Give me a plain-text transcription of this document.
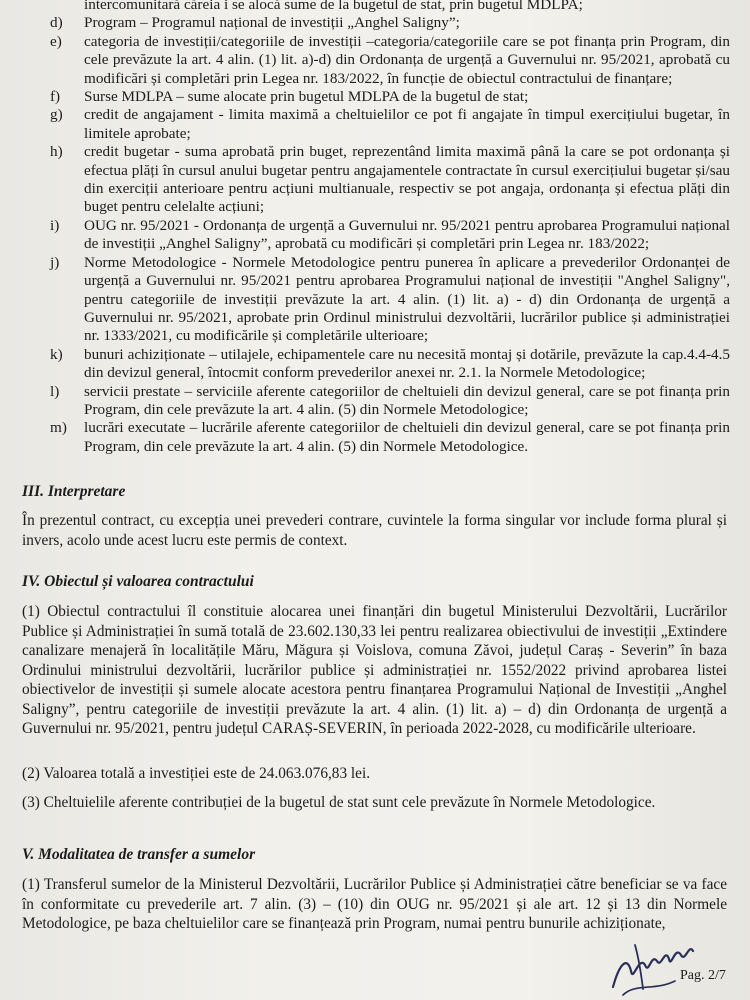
intercomunitară căreia i se alocă sume de la bugetul de stat, prin bugetul MDLPA;
d)	Program – Programul național de investiții „Anghel Saligny”;
e)	categoria de investiții/categoriile de investiții –categoria/categoriile care se pot finanța prin Program, din cele prevăzute la art. 4 alin. (1) lit. a)-d) din Ordonanța de urgență a Guvernului nr. 95/2021, aprobată cu modificări și completări prin Legea nr. 183/2022, în funcție de obiectul contractului de finanțare;
f)	Surse MDLPA – sume alocate prin bugetul MDLPA de la bugetul de stat;
g)	credit de angajament - limita maximă a cheltuielilor ce pot fi angajate în timpul exercițiului bugetar, în limitele aprobate;
h)	credit bugetar - suma aprobată prin buget, reprezentând limita maximă până la care se pot ordonanța și efectua plăți în cursul anului bugetar pentru angajamentele contractate în cursul exercițiului bugetar și/sau din exerciții anterioare pentru acțiuni multianuale, respectiv se pot angaja, ordonanța și efectua plăți din buget pentru celelalte acțiuni;
i)	OUG nr. 95/2021 - Ordonanța de urgență a Guvernului nr. 95/2021 pentru aprobarea Programului național de investiții „Anghel Saligny”, aprobată cu modificări și completări prin Legea nr. 183/2022;
j)	Norme Metodologice - Normele Metodologice pentru punerea în aplicare a prevederilor Ordonanței de urgență a Guvernului nr. 95/2021 pentru aprobarea Programului național de investiții "Anghel Saligny", pentru categoriile de investiții prevăzute la art. 4 alin. (1) lit. a) - d) din Ordonanța de urgență a Guvernului nr. 95/2021, aprobate prin Ordinul ministrului dezvoltării, lucrărilor publice și administrației nr. 1333/2021, cu modificările și completările ulterioare;
k)	bunuri achiziționate – utilajele, echipamentele care nu necesită montaj și dotările, prevăzute la cap.4.4-4.5 din devizul general, întocmit conform prevederilor anexei nr. 2.1. la Normele Metodologice;
l)	servicii prestate – serviciile aferente categoriilor de cheltuieli din devizul general, care se pot finanța prin Program, din cele prevăzute la art. 4 alin. (5) din Normele Metodologice;
m)	lucrări executate – lucrările aferente categoriilor de cheltuieli din devizul general, care se pot finanța prin Program, din cele prevăzute la art. 4 alin. (5) din Normele Metodologice.
III. Interpretare
În prezentul contract, cu excepția unei prevederi contrare, cuvintele la forma singular vor include forma plural și invers, acolo unde acest lucru este permis de context.
IV. Obiectul și valoarea contractului
(1) Obiectul contractului îl constituie alocarea unei finanțări din bugetul Ministerului Dezvoltării, Lucrărilor Publice și Administrației în sumă totală de 23.602.130,33 lei pentru realizarea obiectivului de investiții „Extindere canalizare menajeră în localitățile Măru, Măgura și Voislova, comuna Zăvoi, județul Caraș - Severin” în baza Ordinului ministrului dezvoltării, lucrărilor publice și administrației nr. 1552/2022 privind aprobarea listei obiectivelor de investiții și sumele alocate acestora pentru finanțarea Programului Național de Investiții „Anghel Saligny”, pentru categoriile de investiții prevăzute la art. 4 alin. (1) lit. a) – d) din Ordonanța de urgență a Guvernului nr. 95/2021, pentru județul CARAȘ-SEVERIN, în perioada 2022-2028, cu modificările ulterioare.
(2) Valoarea totală a investiției este de 24.063.076,83 lei.
(3) Cheltuielile aferente contribuției de la bugetul de stat sunt cele prevăzute în Normele Metodologice.
V. Modalitatea de transfer a sumelor
(1) Transferul sumelor de la Ministerul Dezvoltării, Lucrărilor Publice și Administrației către beneficiar se va face în conformitate cu prevederile art. 7 alin. (3) – (10) din OUG nr. 95/2021 și ale art. 12 și 13 din Normele Metodologice, pe baza cheltuielilor care se finanțează prin Program, numai pentru bunurile achiziționate,
Pag. 2/7
